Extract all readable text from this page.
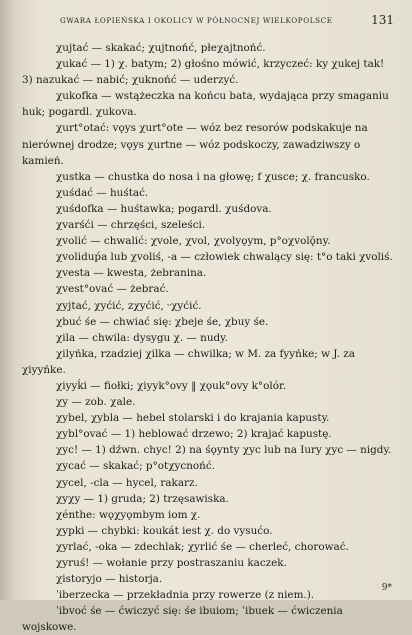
GWARA ŁOPIEŃSKA I OKOLICY W PÓŁNOCNEJ WIELKOPOLSCE	131

χujtać — skakać; χujtnońć, płeχajtnońć.

χukać — 1) χ. batym; 2) głośno mówić, krzyczeć: ky χukej tak! 3) nazukać — nabić; χuknońć — uderzyć.

χukofka — wstążeczka na końcu bata, wydająca przy smaganiu huk; pogardl. χukova.

χurt°otać: vǫys χurt°ote — wóz bez resorów podskakuje na nierównej drodze; vǫys χurtne — wóz podskoczy, zawadziwszy o kamień.

χustka — chustka do nosa i na głowę; f χusce; χ. francusko.

χuśdać — huśtać.

χuśdofka — huśtawka; pogardl. χuśdova.

χvarśći — chrzęści, szeleści.

χvolić — chwalić: χvole, χvol, χvolyǫym, p°oχvolǭny.

χvoliduṕa lub χvoliś, -a — człowiek chwalący się: t°o taki χvoliś.

χvesta — kwesta, żebranina.

χvest°ovać — żebrać.

χyjtać, χyćić, zχyćić, ᵕχyćić.

χbuć śe — chwiać się: χbeje śe, χbuy śe.

χila — chwila: dysygu χ. — nudy.

χilyńka, rzadziej χilka — chwilka; w M. za fyyńke; w J. za χiyyńke.

χiyyḱi — fiołki; χiyyk°ovy ‖ χǫuk°ovy k°olór.

χy — zob. χale.

χybel, χybla — hebel stolarski i do krajania kapusty.

χybl°ovać — 1) heblować drzewo; 2) krajać kapustę.

χyc! — 1) dźwn. chyc! 2) na śǫynty χyc lub na Iury χyc — nigdy.

χycać — skakać; p°otχycnońć.

χycel, -cla — hycel, rakarz.

χyχy — 1) gruda; 2) trzęsawiska.

χénthe: wǫχyǫmbym iom χ.

χypki — chybki: koukát iest χ. do vysućo.

χyrlać, -oka — zdechlak; χyrlić śe — cherleć, chorować.

χyruś! — wołanie przy postraszaniu kaczek.

χistoryjo — historja.

ˈiberzecka — przekładnia przy rowerze (z niem.).

ˈibvoć śe — ćwiczyć się: śe ibuiom; ˈibuek — ćwiczenia wojskowe.

9*
